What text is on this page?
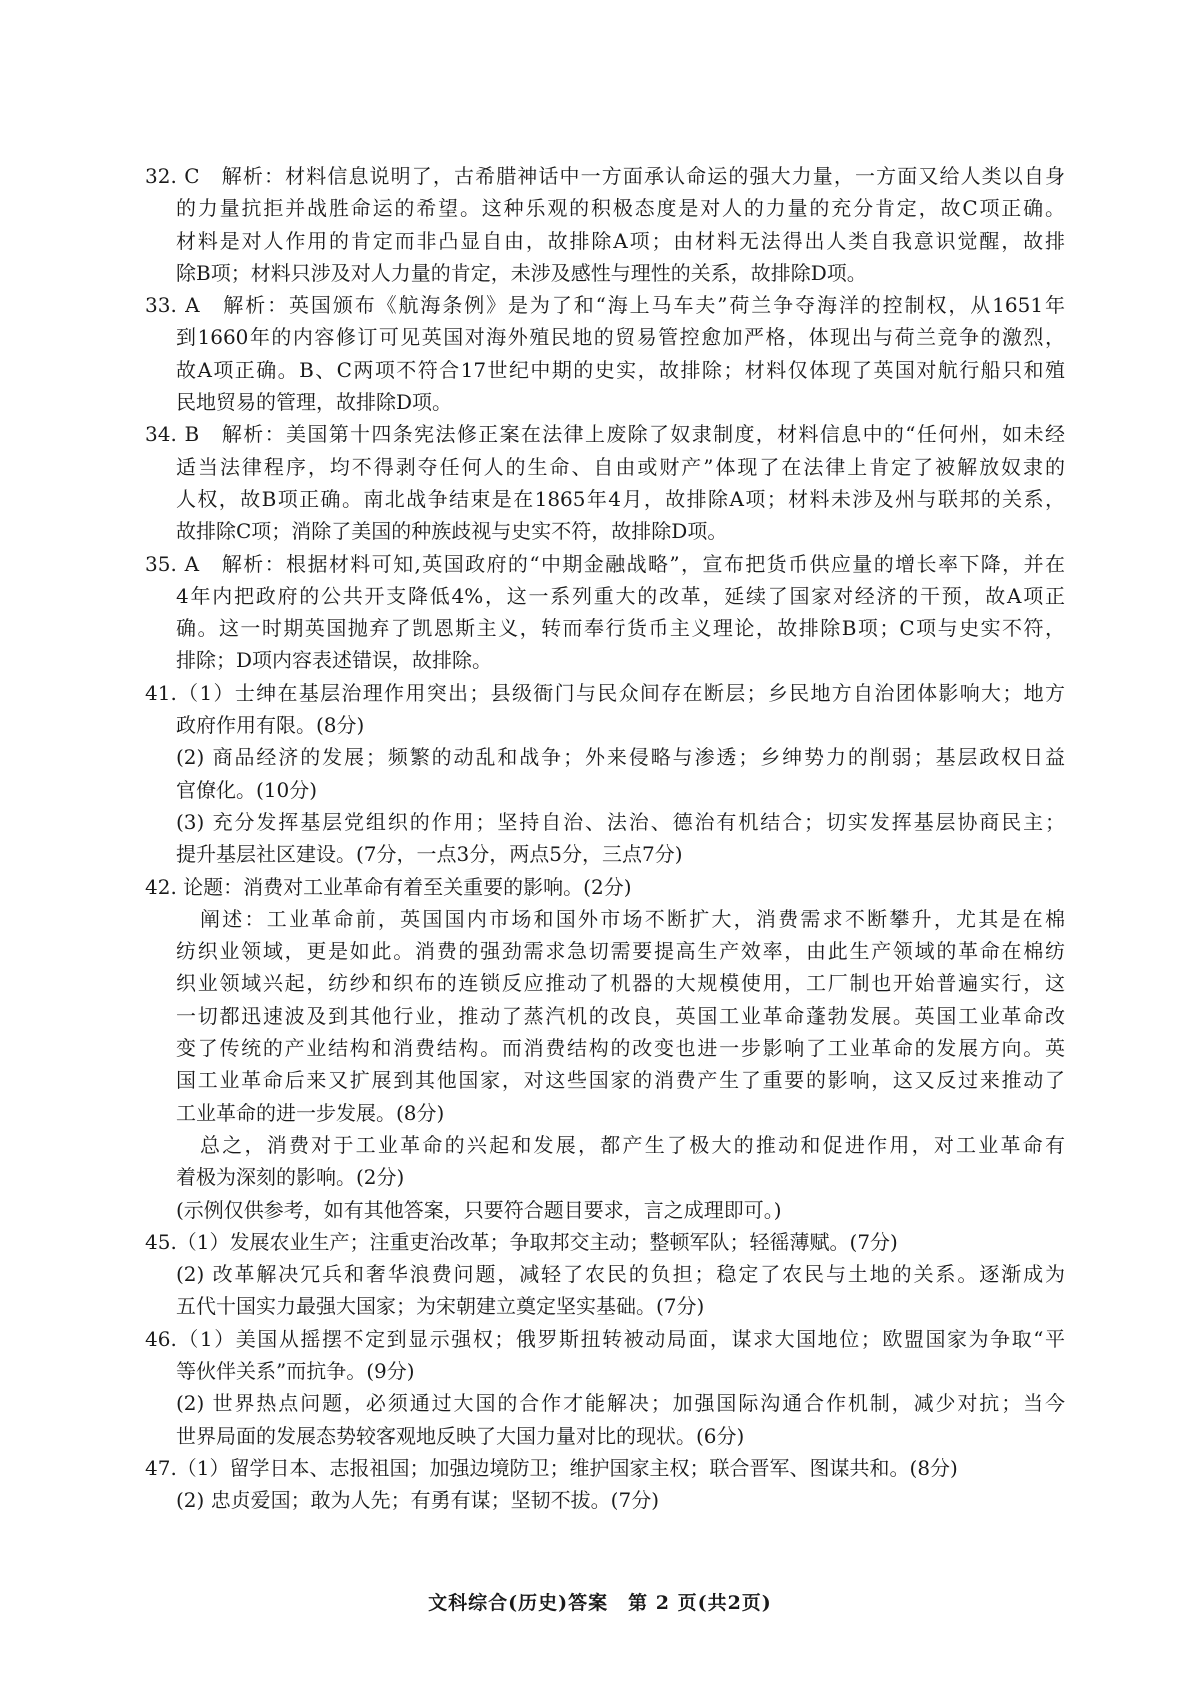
32. C　解析：材料信息说明了，古希腊神话中一方面承认命运的强大力量，一方面又给人类以自身
的力量抗拒并战胜命运的希望。这种乐观的积极态度是对人的力量的充分肯定，故C项正确。
材料是对人作用的肯定而非凸显自由，故排除A项；由材料无法得出人类自我意识觉醒，故排
除B项；材料只涉及对人力量的肯定，未涉及感性与理性的关系，故排除D项。
33. A　解析：英国颁布《航海条例》是为了和“海上马车夫”荷兰争夺海洋的控制权，从1651年
到1660年的内容修订可见英国对海外殖民地的贸易管控愈加严格，体现出与荷兰竞争的激烈，
故A项正确。B、C两项不符合17世纪中期的史实，故排除；材料仅体现了英国对航行船只和殖
民地贸易的管理，故排除D项。
34. B　解析：美国第十四条宪法修正案在法律上废除了奴隶制度，材料信息中的“任何州，如未经
适当法律程序，均不得剥夺任何人的生命、自由或财产”体现了在法律上肯定了被解放奴隶的
人权，故B项正确。南北战争结束是在1865年4月，故排除A项；材料未涉及州与联邦的关系，
故排除C项；消除了美国的种族歧视与史实不符，故排除D项。
35. A　解析：根据材料可知,英国政府的“中期金融战略”，宣布把货币供应量的增长率下降，并在
4年内把政府的公共开支降低4%，这一系列重大的改革，延续了国家对经济的干预，故A项正
确。这一时期英国抛弃了凯恩斯主义，转而奉行货币主义理论，故排除B项；C项与史实不符，
排除；D项内容表述错误，故排除。
41.（1）士绅在基层治理作用突出；县级衙门与民众间存在断层；乡民地方自治团体影响大；地方
政府作用有限。(8分)
(2) 商品经济的发展；频繁的动乱和战争；外来侵略与渗透；乡绅势力的削弱；基层政权日益
官僚化。(10分)
(3) 充分发挥基层党组织的作用；坚持自治、法治、德治有机结合；切实发挥基层协商民主；
提升基层社区建设。(7分，一点3分，两点5分，三点7分)
42. 论题：消费对工业革命有着至关重要的影响。(2分)
阐述：工业革命前，英国国内市场和国外市场不断扩大，消费需求不断攀升，尤其是在棉
纺织业领域，更是如此。消费的强劲需求急切需要提高生产效率，由此生产领域的革命在棉纺
织业领域兴起，纺纱和织布的连锁反应推动了机器的大规模使用，工厂制也开始普遍实行，这
一切都迅速波及到其他行业，推动了蒸汽机的改良，英国工业革命蓬勃发展。英国工业革命改
变了传统的产业结构和消费结构。而消费结构的改变也进一步影响了工业革命的发展方向。英
国工业革命后来又扩展到其他国家，对这些国家的消费产生了重要的影响，这又反过来推动了
工业革命的进一步发展。(8分)
总之，消费对于工业革命的兴起和发展，都产生了极大的推动和促进作用，对工业革命有
着极为深刻的影响。(2分)
(示例仅供参考，如有其他答案，只要符合题目要求，言之成理即可。)
45.（1）发展农业生产；注重吏治改革；争取邦交主动；整顿军队；轻徭薄赋。(7分)
(2) 改革解决冗兵和奢华浪费问题，减轻了农民的负担；稳定了农民与土地的关系。逐渐成为
五代十国实力最强大国家；为宋朝建立奠定坚实基础。(7分)
46.（1）美国从摇摆不定到显示强权；俄罗斯扭转被动局面，谋求大国地位；欧盟国家为争取“平
等伙伴关系”而抗争。(9分)
(2) 世界热点问题，必须通过大国的合作才能解决；加强国际沟通合作机制，减少对抗；当今
世界局面的发展态势较客观地反映了大国力量对比的现状。(6分)
47.（1）留学日本、志报祖国；加强边境防卫；维护国家主权；联合晋军、图谋共和。(8分)
(2) 忠贞爱国；敢为人先；有勇有谋；坚韧不拔。(7分)
文科综合(历史)答案　第 2 页(共2页)
